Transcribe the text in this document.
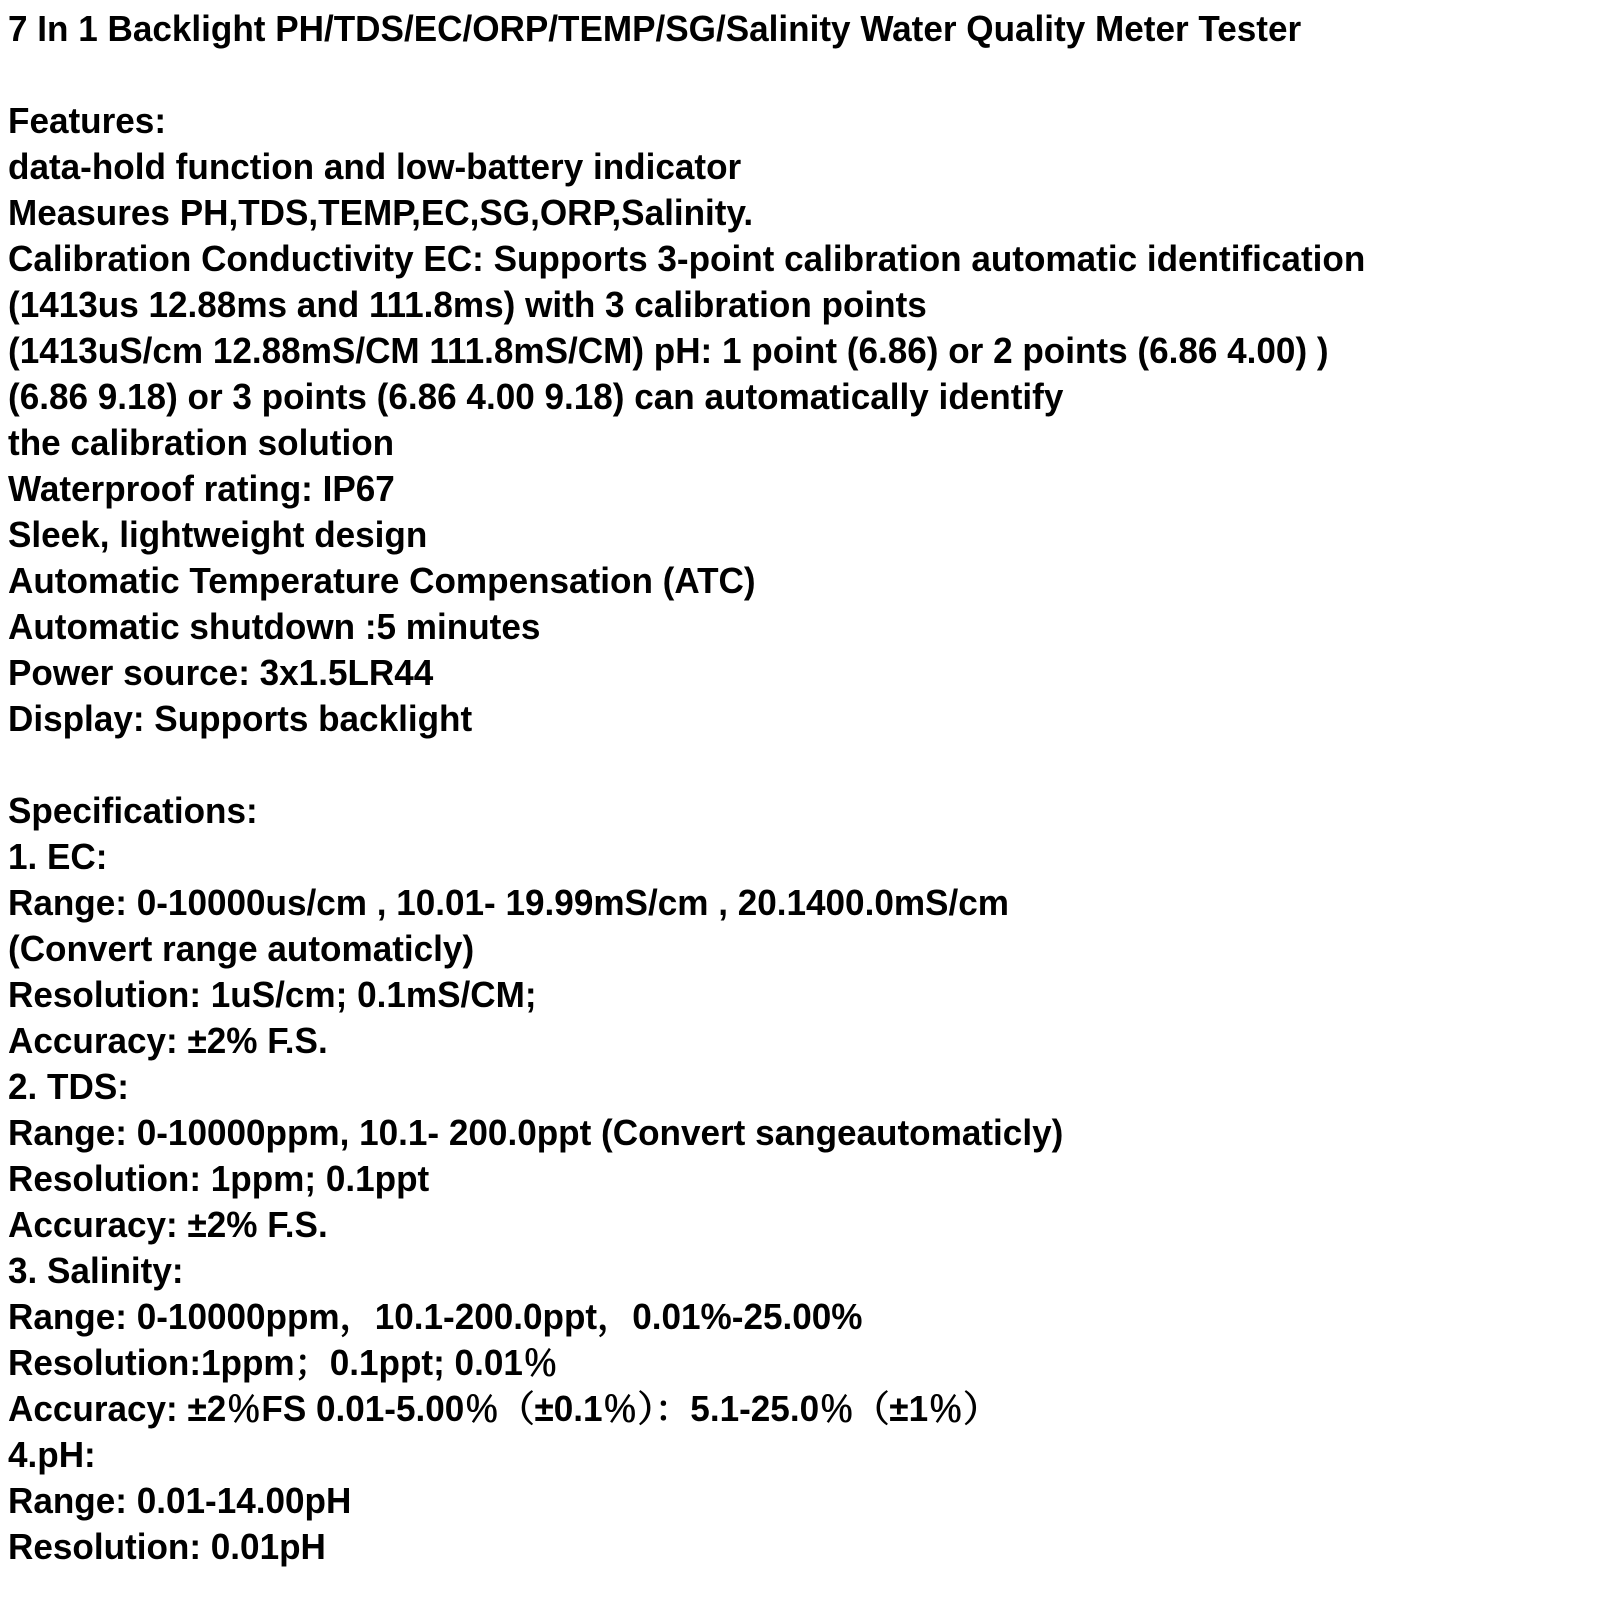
7 In 1 Backlight PH/TDS/EC/ORP/TEMP/SG/Salinity Water Quality Meter Tester
Features:
data-hold function and low-battery indicator
Measures PH,TDS,TEMP,EC,SG,ORP,Salinity.
Calibration Conductivity EC: Supports 3-point calibration automatic identification
(1413us 12.88ms and 111.8ms) with 3 calibration points
(1413uS/cm 12.88mS/CM 111.8mS/CM) pH: 1 point (6.86) or 2 points (6.86 4.00) )
(6.86 9.18) or 3 points (6.86 4.00 9.18) can automatically identify
the calibration solution
Waterproof rating: IP67
Sleek, lightweight design
Automatic Temperature Compensation (ATC)
Automatic shutdown :5 minutes
Power source: 3x1.5LR44
Display: Supports backlight
Specifications:
1. EC:
Range: 0-10000us/cm , 10.01- 19.99mS/cm , 20.1400.0mS/cm
(Convert range automaticly)
Resolution: 1uS/cm; 0.1mS/CM;
Accuracy: ±2% F.S.
2. TDS:
Range: 0-10000ppm, 10.1- 200.0ppt (Convert sangeautomaticly)
Resolution: 1ppm; 0.1ppt
Accuracy: ±2% F.S.
3. Salinity:
Range: 0-10000ppm，10.1-200.0ppt，0.01%-25.00%
Resolution:1ppm；0.1ppt; 0.01％
Accuracy: ±2％FS 0.01-5.00％（±0.1％）：5.1-25.0％（±1％）
4.pH:
Range: 0.01-14.00pH
Resolution: 0.01pH
